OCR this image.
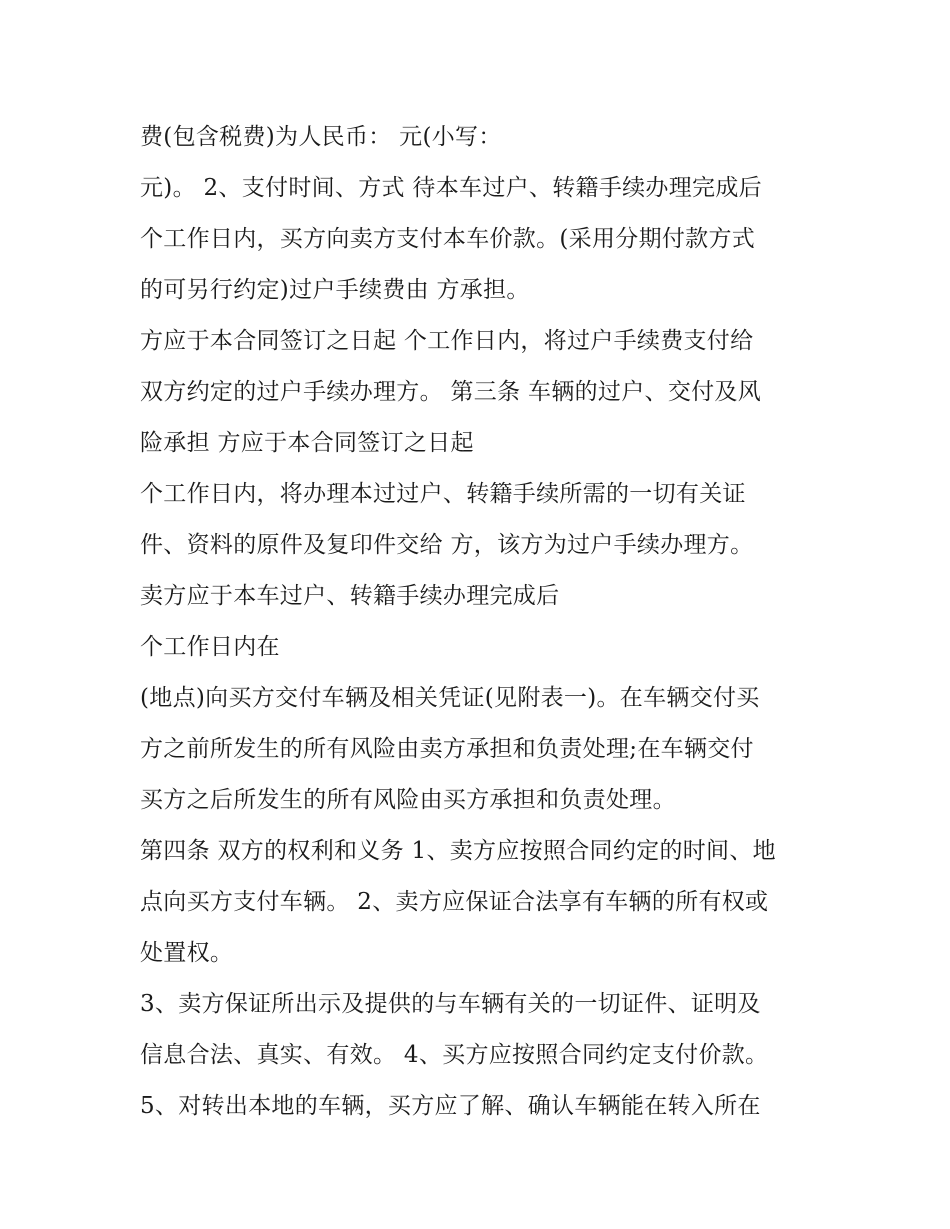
费(包含税费)为人民币： 元(小写：
元)。 2、支付时间、方式 待本车过户、转籍手续办理完成后
个工作日内，买方向卖方支付本车价款。(采用分期付款方式
的可另行约定)过户手续费由 方承担。
方应于本合同签订之日起 个工作日内，将过户手续费支付给
双方约定的过户手续办理方。 第三条 车辆的过户、交付及风
险承担 方应于本合同签订之日起
个工作日内，将办理本过过户、转籍手续所需的一切有关证
件、资料的原件及复印件交给 方，该方为过户手续办理方。
卖方应于本车过户、转籍手续办理完成后
个工作日内在
(地点)向买方交付车辆及相关凭证(见附表一)。在车辆交付买
方之前所发生的所有风险由卖方承担和负责处理;在车辆交付
买方之后所发生的所有风险由买方承担和负责处理。
第四条 双方的权利和义务 1、卖方应按照合同约定的时间、地
点向买方支付车辆。 2、卖方应保证合法享有车辆的所有权或
处置权。
3、卖方保证所出示及提供的与车辆有关的一切证件、证明及
信息合法、真实、有效。 4、买方应按照合同约定支付价款。
5、对转出本地的车辆，买方应了解、确认车辆能在转入所在
